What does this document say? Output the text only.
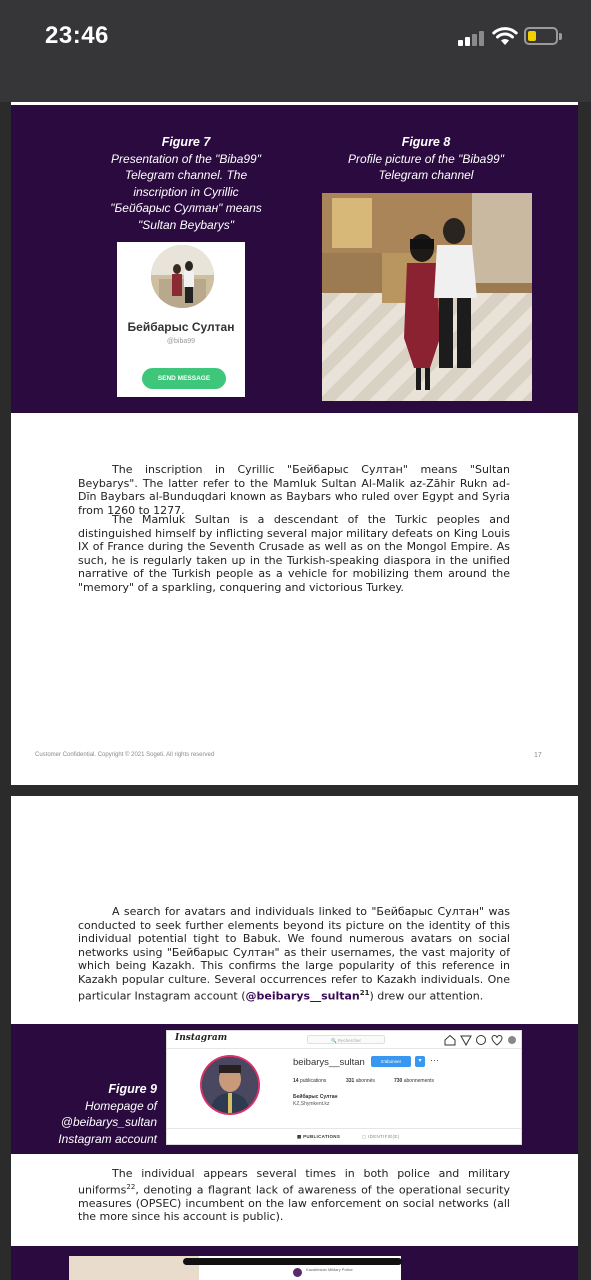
23:46
Figure 7
Presentation of the "Biba99"
Telegram channel. The
inscription in Cyrillic
"Бейбарыс Султан" means
"Sultan Beybarys"
Бейбарыс Султан
@biba99
SEND MESSAGE
Figure 8
Profile picture of the "Biba99"
Telegram channel
The inscription in Cyrillic "Бейбарыс Султан" means "Sultan Beybarys". The latter refer to the Mamluk Sultan Al-Malik az-Zāhir Rukn ad-Dīn Baybars al-Bunduqdari known as Baybars who ruled over Egypt and Syria from 1260 to 1277.
The Mamluk Sultan is a descendant of the Turkic peoples and distinguished himself by inflicting several major military defeats on King Louis IX of France during the Seventh Crusade as well as on the Mongol Empire. As such, he is regularly taken up in the Turkish-speaking diaspora in the unified narrative of the Turkish people as a vehicle for mobilizing them around the "memory" of a sparkling, conquering and victorious Turkey.
Customer Confidential. Copyright © 2021 Sogeti. All rights reserved	17
A search for avatars and individuals linked to "Бейбарыс Султан" was conducted to seek further elements beyond its picture on the identity of this individual potential tight to Babuk. We found numerous avatars on social networks using "Бейбарыс Султан" as their usernames, the vast majority of which being Kazakh. This confirms the large popularity of this reference in Kazakh popular culture. Several occurrences refer to Kazakh individuals. One particular Instagram account (@beibarys__sultan$^{21}$) drew our attention.
Figure 9
Homepage of
@beibarys_sultan
Instagram account
Instagram	🔍 Rechercher
beibarys__sultan	S'abonner	▾ ···
14 publications	331 abonnés	730 abonnements
Бейбарыс Султан
KZ,Shymkent.kz
▦ PUBLICATIONS	▢ IDENTIFIÉ(E)
The individual appears several times in both police and military uniforms$^{22}$, denoting a flagrant lack of awareness of the operational security measures (OPSEC) incumbent on the law enforcement on social networks (all the more since his account is public).
Kazakhstan Military Police
